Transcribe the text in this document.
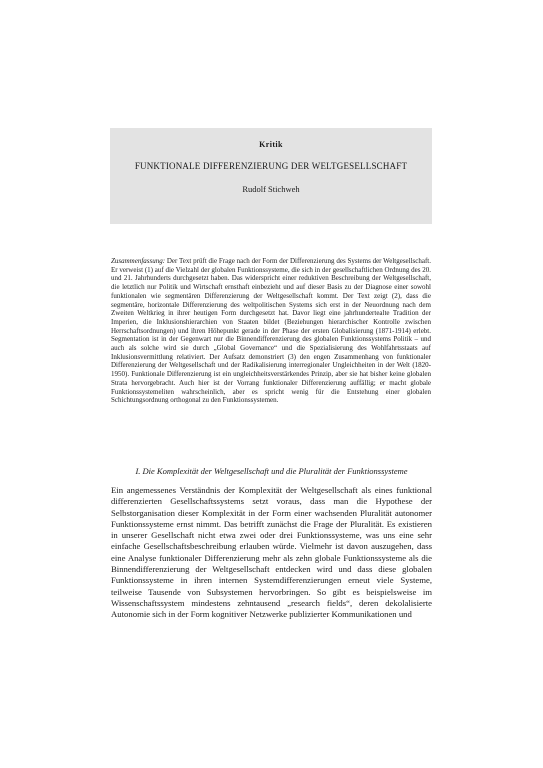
Kritik
FUNKTIONALE DIFFERENZIERUNG DER WELTGESELLSCHAFT
Rudolf Stichweh

Zusammenfassung: Der Text prüft die Frage nach der Form der Differenzierung des Systems der Weltgesellschaft. Er verweist (1) auf die Vielzahl der globalen Funktionssysteme, die sich in der gesellschaftlichen Ordnung des 20. und 21. Jahrhunderts durchgesetzt haben. Das widerspricht einer reduktiven Beschreibung der Weltgesellschaft, die letztlich nur Politik und Wirtschaft ernsthaft einbezieht und auf dieser Basis zu der Diagnose einer sowohl funktionalen wie segmentären Differenzierung der Weltgesellschaft kommt. Der Text zeigt (2), dass die segmentäre, horizontale Differenzierung des weltpolitischen Systems sich erst in der Neuordnung nach dem Zweiten Weltkrieg in ihrer heutigen Form durchgesetzt hat. Davor liegt eine jahrhundertealte Tradition der Imperien, die Inklusionshierarchien von Staaten bildet (Beziehungen hierarchischer Kontrolle zwischen Herrschaftsordnungen) und ihren Höhepunkt gerade in der Phase der ersten Globalisierung (1871-1914) erlebt. Segmentation ist in der Gegenwart nur die Binnendifferenzierung des globalen Funktionssystems Politik – und auch als solche wird sie durch „Global Governance“ und die Spezialisierung des Wohlfahrtsstaats auf Inklusionsvermittlung relativiert. Der Aufsatz demonstriert (3) den engen Zusammenhang von funktionaler Differenzierung der Weltgesellschaft und der Radikalisierung interregionaler Ungleichheiten in der Welt (1820-1950). Funktionale Differenzierung ist ein ungleichheitsverstärkendes Prinzip, aber sie hat bisher keine globalen Strata hervorgebracht. Auch hier ist der Vorrang funktionaler Differenzierung auffällig; er macht globale Funktionssystemeliten wahrscheinlich, aber es spricht wenig für die Entstehung einer globalen Schichtungsordnung orthogonal zu den Funktionssystemen.

I. Die Komplexität der Weltgesellschaft und die Pluralität der Funktionssysteme

Ein angemessenes Verständnis der Komplexität der Weltgesellschaft als eines funktional differenzierten Gesellschaftssystems setzt voraus, dass man die Hypothese der Selbstorganisation dieser Komplexität in der Form einer wachsenden Pluralität autonomer Funktionssysteme ernst nimmt. Das betrifft zunächst die Frage der Pluralität. Es existieren in unserer Gesellschaft nicht etwa zwei oder drei Funktionssysteme, was uns eine sehr einfache Gesellschaftsbeschreibung erlauben würde. Vielmehr ist davon auszugehen, dass eine Analyse funktionaler Differenzierung mehr als zehn globale Funktionssysteme als die Binnendifferenzierung der Weltgesellschaft entdecken wird und dass diese globalen Funktionssysteme in ihren internen Systemdifferenzierungen erneut viele Systeme, teilweise Tausende von Subsystemen hervorbringen. So gibt es beispielsweise im Wissenschaftssystem mindestens zehntausend „research fields“, deren dekolalisierte Autonomie sich in der Form kognitiver Netzwerke publizierter Kommunikationen und
